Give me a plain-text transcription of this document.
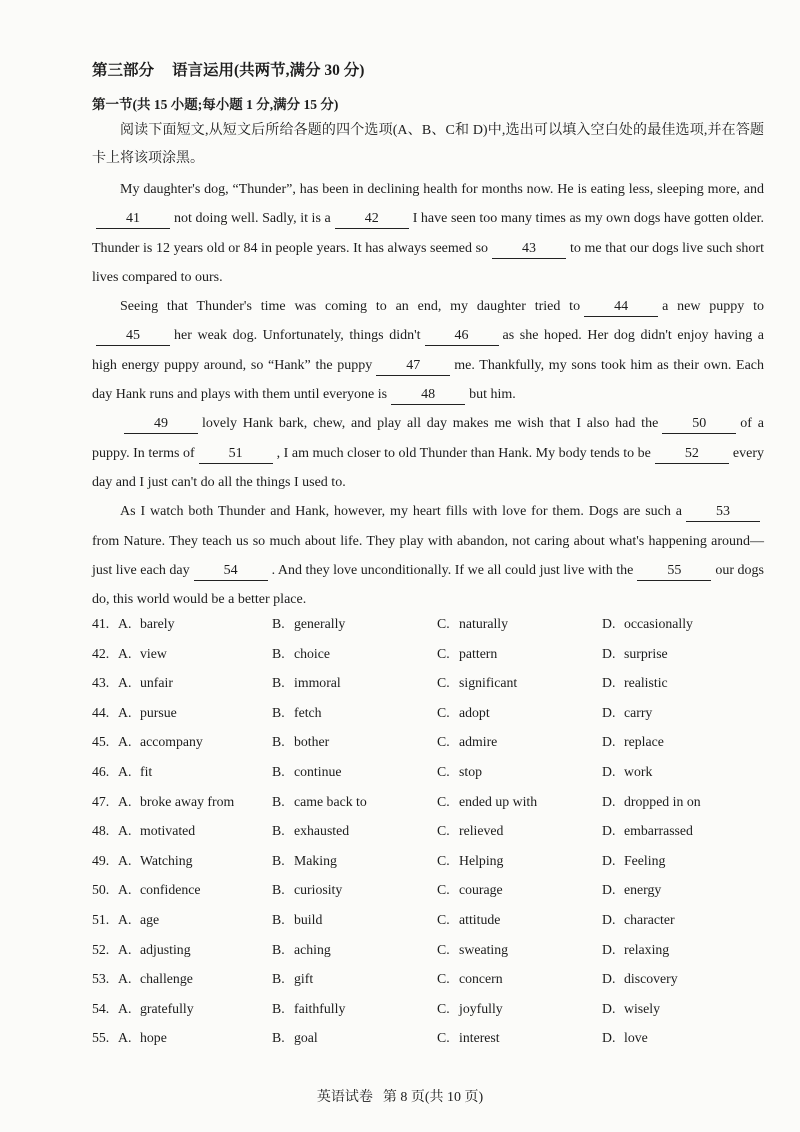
第三部分 语言运用(共两节,满分 30 分)
第一节(共 15 小题;每小题 1 分,满分 15 分)

阅读下面短文,从短文后所给各题的四个选项(A、B、C和 D)中,选出可以填入空白处的最佳选项,并在答题卡上将该项涂黑。

My daughter's dog, “Thunder”, has been in declining health for months now. He is eating less, sleeping more, and41 not doing well. Sadly, it is a 42 I have seen too many times as my own dogs have gotten older. Thunder is 12 years old or 84 in people years. It has always seemed so 43 to me that our dogs live such short lives compared to ours.

Seeing that Thunder's time was coming to an end, my daughter tried to 44 a new puppy to45 her weak dog. Unfortunately, things didn't 46 as she hoped. Her dog didn't enjoy having a high energy puppy around, so “Hank” the puppy 47 me. Thankfully, my sons took him as their own. Each day Hank runs and plays with them until everyone is 48 but him.

49 lovely Hank bark, chew, and play all day makes me wish that I also had the 50 of a puppy. In terms of 51 , I am much closer to old Thunder than Hank. My body tends to be 52 every day and I just can't do all the things I used to.

As I watch both Thunder and Hank, however, my heart fills with love for them. Dogs are such a 53from Nature. They teach us so much about life. They play with abandon, not caring about what's happening around—just live each day 54 . And they love unconditionally. If we all could just live with the 55 our dogs do, this world would be a better place.

41. A. barely	B. generally	C. naturally	D. occasionally
42. A. view	B. choice	C. pattern	D. surprise
43. A. unfair	B. immoral	C. significant	D. realistic
44. A. pursue	B. fetch	C. adopt	D. carry
45. A. accompany	B. bother	C. admire	D. replace
46. A. fit	B. continue	C. stop	D. work
47. A. broke away from	B. came back to	C. ended up with	D. dropped in on
48. A. motivated	B. exhausted	C. relieved	D. embarrassed
49. A. Watching	B. Making	C. Helping	D. Feeling
50. A. confidence	B. curiosity	C. courage	D. energy
51. A. age	B. build	C. attitude	D. character
52. A. adjusting	B. aching	C. sweating	D. relaxing
53. A. challenge	B. gift	C. concern	D. discovery
54. A. gratefully	B. faithfully	C. joyfully	D. wisely
55. A. hope	B. goal	C. interest	D. love
英语试卷 第 8 页(共 10 页)
